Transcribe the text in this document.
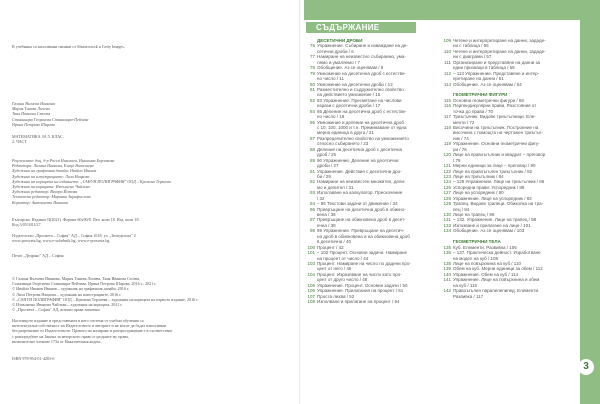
В учебника са използвани снимки от Shutterstock и Getty Images.
Галина Вълчева Иванова
Мария Тинева Личева
Таня Иванова Стоева
Станимира Георгиева Станимира-Пейчева
Ирина Петрова Шарова
МАТЕМАТИКА ЗА 5. КЛАС,
2. ЧАСТ
Рецензенти: доц. д-р Росен Николаев, Николина Бързакова
Редактори: Лиляна Иванова, Елица Николаева
Художник на графичния дизайн: Ивайло Иванов
Художник на илюстрациите: Лила Нацкова
Художник на корицата на изданието: „САНУИ ПОЛИГРАФИЯ" ООД – Кремена Терзиева
Художник на корицата: Изпълнено Чайлъва
Художник редактор: Венера Йотова
Технически редактор: Мариана Зарафиелова
Коректор: Антоанета Иванова
Българска. Издание II(2021). Формат 60х90/8. Печ. коли 18. Изд. коли 18.
Код 3/05/3/01/27.
Издателство „Просвета – София" АД – София 1618, ул. „Земеделска" 2
www.prosveta.bg, www.e-uchebnik.bg, www.e-prosveta.bg
Печат „Дедрако" АД – София
© Галина Вълчева Иванова, Мария Тинева Личева, Таня Иванова Стоева,
Станимира Георгиева Станимира-Пейчева, Ирина Петрова Шарова, 2016 г., 2021 г.
© Ивайло Иванов Иванов – художник на графичния дизайн, 2016 г.
© Лила Петрова Нацкова – художник на илюстрациите, 2016 г.
© „САНУИ ПОЛИГРАФИЯ" ООД – Кремена Терзиева – художник на корицата на първото издание, 2016 г.
© Изпълнено Иванова Чайлъва – художник на корицата, 2021 г.
© „Просвета – София" АД, всички права запазени.
Настоящото издание и представената в него система от учебни обучения са
интелектуална собственост на Издателството и авторите и не могат да бъдат използвани
без разрешение от Издателството. Правото на копиране и разпространение е в съответствие
с разпоредбите на Закона за авторското право и сродните му права,
включително членове 173а от Наказателния кодекс.
ISBN 978-954-01-4283-6
СЪДЪРЖАНИЕ
ДЕСЕТИЧНИ ДРОБИ
76 Упражнение. Събиране и изваждане на де-
сетични дроби / 6
77 Намиране на неизвестно събираемо, ума-
лямо и умаляемо / 7
78 Обобщение. Аз се оценявам / 9
79 Умножение на десетична дроб с естестве-
но число / 11
80 Умножение на десетични дроби / 13
81 Разместително и съдружително свойство
на действието умножение / 15
82 83 Упражнение. Пресмятане на числови
изрази с десетични дроби / 17
84 85 Деление на десетична дроб с естестве-
но число / 19
86 Умножение и деление на десетична дроб
с 10, 100, 1000 и т.н. Преминаване от една
мерна единица в друга / 21
87 Разпределително свойство на умножението
относно събирането / 23
88 Деление на десетична дроб с десетична
дроб / 25
89 90 Упражнение. Деление на десетични
дроби / 27
91 Упражнение. Действия с десетични дро-
би / 29
92 Намиране на неизвестен множител, дели-
мо и делител / 31
93 Използване на калкулатор. Прескочение
/ 32
94 – 95 Текстови задачи от движение / 34
96 Превръщане на десетична дроб в обикно-
вена / 36
97 Превръщане на обикновена дроб в десет-
ична / 38
98 99 Упражнение. Превръщане на десетич-
на дроб в обикновена и на обикновена дроб
в десетична / 40
100 Процент / 42
101 – 102 Процент. Основни задачи. Намиране
на процент от число / 44
103 Процент. Намиране на число по дадени про-
цент от него / 46
104 Процент. Изразяване на число като про-
цент от друго число / 48
105 Упражнение. Процент. Основни задачи / 50
106 Упражнение. Прилагания на процент / 51
107 Проста лихва / 52
108 Изполване и прилагане на процент / 54
109 Четене и интерпретиране на данни, зададе-
ни с таблица / 55
110 Четене и интерпретиране на данни, зададе-
ни с диаграми / 57
111 Организиране и представяне на данни за
едни признаци в таблица / 59
112 – 113 Упражнение. Представяне и интер-
претиране на данни / 61
114 Обобщение. Аз се оценявам / 64
ГЕОМЕТРИЧНИ ФИГУРИ
115 Основни геометрични фигури / 68
116 Перпендикулярни прави. Разстояние от
точка до права / 70
117 Триъгълник. Видове триъгълници. Еле-
менти / 72
118 Височини на триъгълник. Построение на
височина с помощта на чертожен триъгъл-
ник / 74
119 Упражнение. Основни геометрични фигу-
ри / 76
120 Лице на правоъгълник и квадрат – преговор
/ 78
121 Мерни единици за лице – преговор / 80
122 Лице на правоъгълен триъгълник / 82
123 Лице на триъгълник / 84
124 – 125 Упражнение. Лице на триъгълник / 86
126 Успоредни прави. Успоредник / 88
127 Лице на успоредник / 90
128 Упражнение. Лице на успоредник / 92
129 Трапец. Видове трапеци. Обиколка на тра-
пец / 94
130 Лице на трапец / 96
131 – 132. Упражнение. Лице на трапец / 98
133 Изпозване и прилагане на лице / 101
134 Обобщение. Аз се оценявам / 103
ГЕОМЕТРИЧНИ ТЕЛА
135 Куб. Елементи. Развивка / 106
136 – 137. Практическа дейност. Изработване
на модел на куб / 108
138 Лице на повърхнина на куб / 110
139 Обем на куб. Мерни единици за обем / 112
140 Упражнение. Обем на куб / 114
141 Упражнение. Лице на повърхнина и обем
на куб / 115
142 Правоъгълен паралелепипед. Елементи.
Развивка / 117
3
